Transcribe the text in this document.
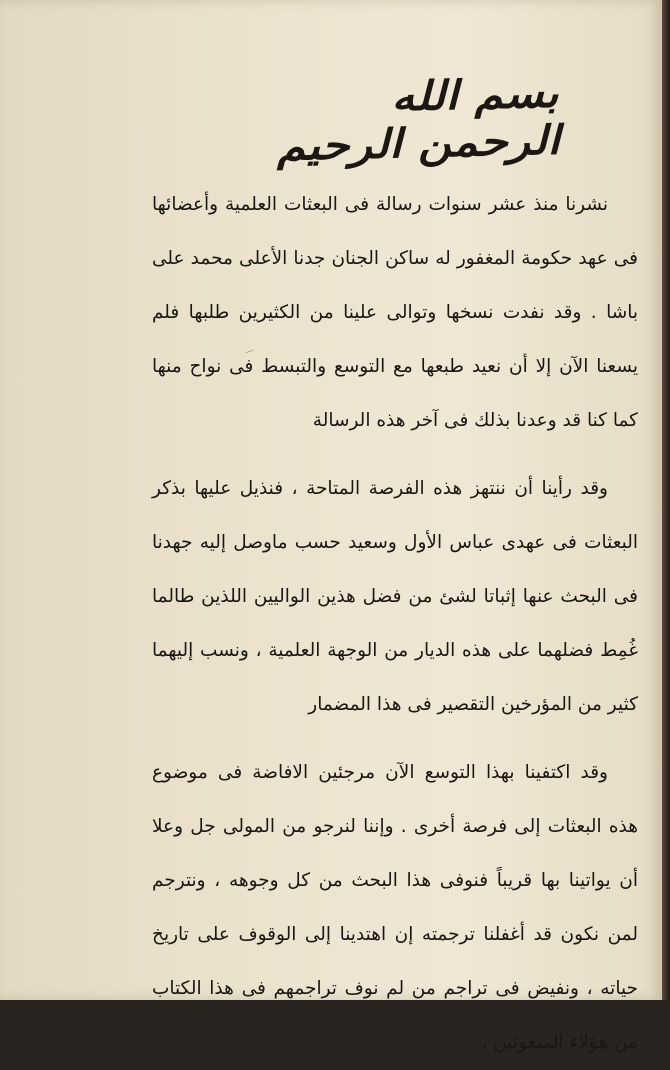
بسم الله الرحمن الرحيم

نشرنا منذ عشر سنوات رسالة فى البعثات العلمية وأعضائها فى عهد حكومة المغفور له ساكن الجنان جدنا الأعلى محمد على باشا . وقد نفدت نسخها وتوالى علينا من الكثيرين طلبها فلم يسعنا الآن إلا أن نعيد طبعها مع التوسع والتبسط فى نواح منها كما كنا قد وعدنا بذلك فى آخر هذه الرسالة

وقد رأينا أن ننتهز هذه الفرصة المتاحة ، فنذيل عليها بذكر البعثات فى عهدى عباس الأول وسعيد حسب ماوصل إليه جهدنا فى البحث عنها إثباتا لشئ من فضل هذين الواليين اللذين طالما غُمِط فضلهما على هذه الديار من الوجهة العلمية ، ونسب إليهما كثير من المؤرخين التقصير فى هذا المضمار

وقد اكتفينا بهذا التوسع الآن مرجئين الافاضة فى موضوع هذه البعثات إلى فرصة أخرى . وإننا لنرجو من المولى جل وعلا أن يواتينا بها قريباً فنوفى هذا البحث من كل وجوهه ، ونترجم لمن نكون قد أغفلنا ترجمته إن اهتدينا إلى الوقوف على تاريخ حياته ، ونفيض فى تراجم من لم نوف تراجمهم فى هذا الكتاب من هؤلاء المبعوثين ،
